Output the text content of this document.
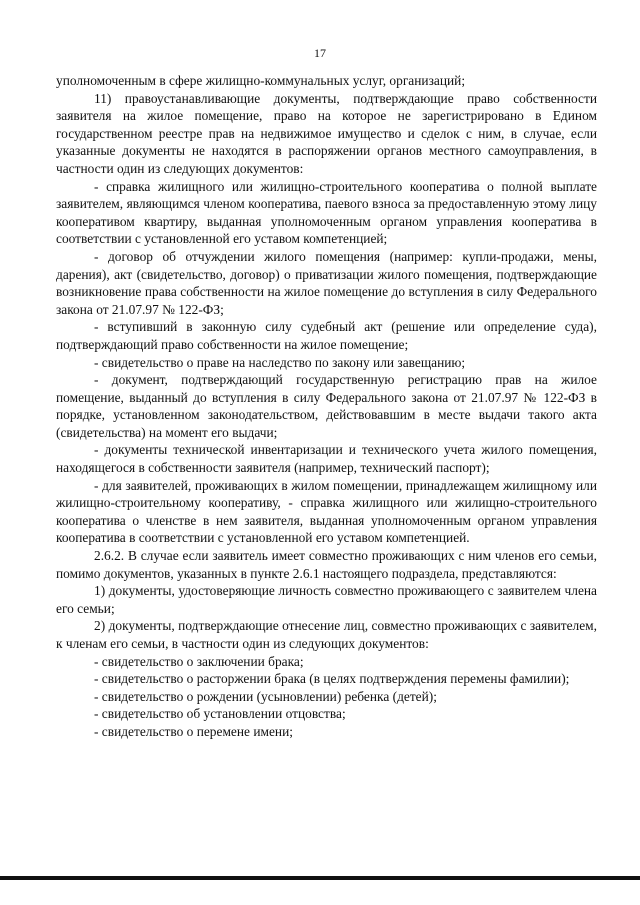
17

уполномоченным в сфере жилищно-коммунальных услуг, организаций;

11) правоустанавливающие документы, подтверждающие право собственности заявителя на жилое помещение, право на которое не зарегистрировано в Едином государственном реестре прав на недвижимое имущество и сделок с ним, в случае, если указанные документы не находятся в распоряжении органов местного самоуправления, в частности один из следующих документов:

- справка жилищного или жилищно-строительного кооператива о полной выплате заявителем, являющимся членом кооператива, паевого взноса за предоставленную этому лицу кооперативом квартиру, выданная уполномоченным органом управления кооператива в соответствии с установленной его уставом компетенцией;

- договор об отчуждении жилого помещения (например: купли-продажи, мены, дарения), акт (свидетельство, договор) о приватизации жилого помещения, подтверждающие возникновение права собственности на жилое помещение до вступления в силу Федерального закона от 21.07.97 № 122-ФЗ;

- вступивший в законную силу судебный акт (решение или определение суда), подтверждающий право собственности на жилое помещение;

- свидетельство о праве на наследство по закону или завещанию;

- документ, подтверждающий государственную регистрацию прав на жилое помещение, выданный до вступления в силу Федерального закона от 21.07.97 № 122-ФЗ в порядке, установленном законодательством, действовавшим в месте выдачи такого акта (свидетельства) на момент его выдачи;

- документы технической инвентаризации и технического учета жилого помещения, находящегося в собственности заявителя (например, технический паспорт);

- для заявителей, проживающих в жилом помещении, принадлежащем жилищному или жилищно-строительному кооперативу, - справка жилищного или жилищно-строительного кооператива о членстве в нем заявителя, выданная уполномоченным органом управления кооператива в соответствии с установленной его уставом компетенцией.

2.6.2. В случае если заявитель имеет совместно проживающих с ним членов его семьи, помимо документов, указанных в пункте 2.6.1 настоящего подраздела, представляются:

1) документы, удостоверяющие личность совместно проживающего с заявителем члена его семьи;

2) документы, подтверждающие отнесение лиц, совместно проживающих с заявителем, к членам его семьи, в частности один из следующих документов:

- свидетельство о заключении брака;

- свидетельство о расторжении брака (в целях подтверждения перемены фамилии);

- свидетельство о рождении (усыновлении) ребенка (детей);

- свидетельство об установлении отцовства;

- свидетельство о перемене имени;
